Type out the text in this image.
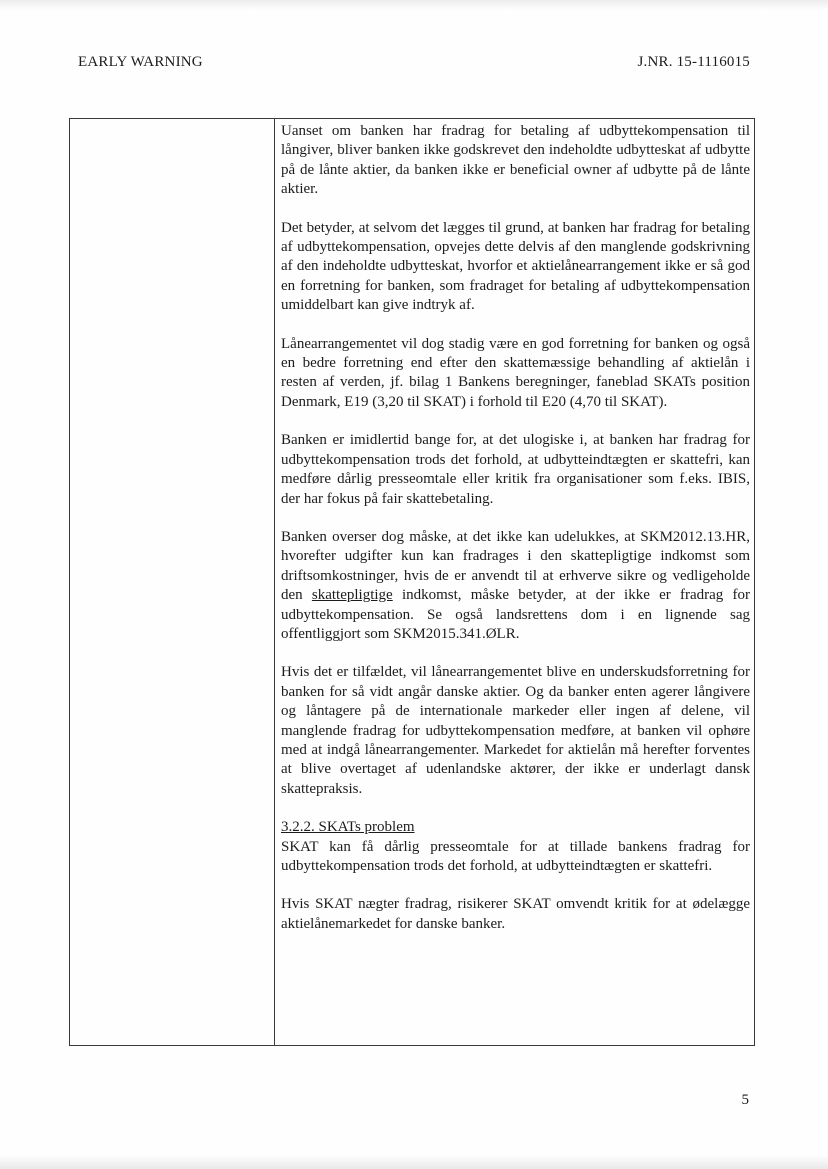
EARLY WARNING	J.NR. 15-1116015

Uanset om banken har fradrag for betaling af udbyttekompensation til långiver, bliver banken ikke godskrevet den indeholdte udbytteskat af udbytte på de lånte aktier, da banken ikke er beneficial owner af udbytte på de lånte aktier.

Det betyder, at selvom det lægges til grund, at banken har fradrag for betaling af udbyttekompensation, opvejes dette delvis af den manglende godskrivning af den indeholdte udbytteskat, hvorfor et aktielånearrangement ikke er så god en forretning for banken, som fradraget for betaling af udbyttekompensation umiddelbart kan give indtryk af.

Lånearrangementet vil dog stadig være en god forretning for banken og også en bedre forretning end efter den skattemæssige behandling af aktielån i resten af verden, jf. bilag 1 Bankens beregninger, faneblad SKATs position Denmark, E19 (3,20 til SKAT) i forhold til E20 (4,70 til SKAT).

Banken er imidlertid bange for, at det ulogiske i, at banken har fradrag for udbyttekompensation trods det forhold, at udbytteindtægten er skattefri, kan medføre dårlig presseomtale eller kritik fra organisationer som f.eks. IBIS, der har fokus på fair skattebetaling.

Banken overser dog måske, at det ikke kan udelukkes, at SKM2012.13.HR, hvorefter udgifter kun kan fradrages i den skattepligtige indkomst som driftsomkostninger, hvis de er anvendt til at erhverve sikre og vedligeholde den skattepligtige indkomst, måske betyder, at der ikke er fradrag for udbyttekompensation. Se også landsrettens dom i en lignende sag offentliggjort som SKM2015.341.ØLR.

Hvis det er tilfældet, vil lånearrangementet blive en underskudsforretning for banken for så vidt angår danske aktier. Og da banker enten agerer långivere og låntagere på de internationale markeder eller ingen af delene, vil manglende fradrag for udbyttekompensation medføre, at banken vil ophøre med at indgå lånearrangementer. Markedet for aktielån må herefter forventes at blive overtaget af udenlandske aktører, der ikke er underlagt dansk skattepraksis.

3.2.2. SKATs problem

SKAT kan få dårlig presseomtale for at tillade bankens fradrag for udbyttekompensation trods det forhold, at udbytteindtægten er skattefri.

Hvis SKAT nægter fradrag, risikerer SKAT omvendt kritik for at ødelægge aktielånemarkedet for danske banker.

5
